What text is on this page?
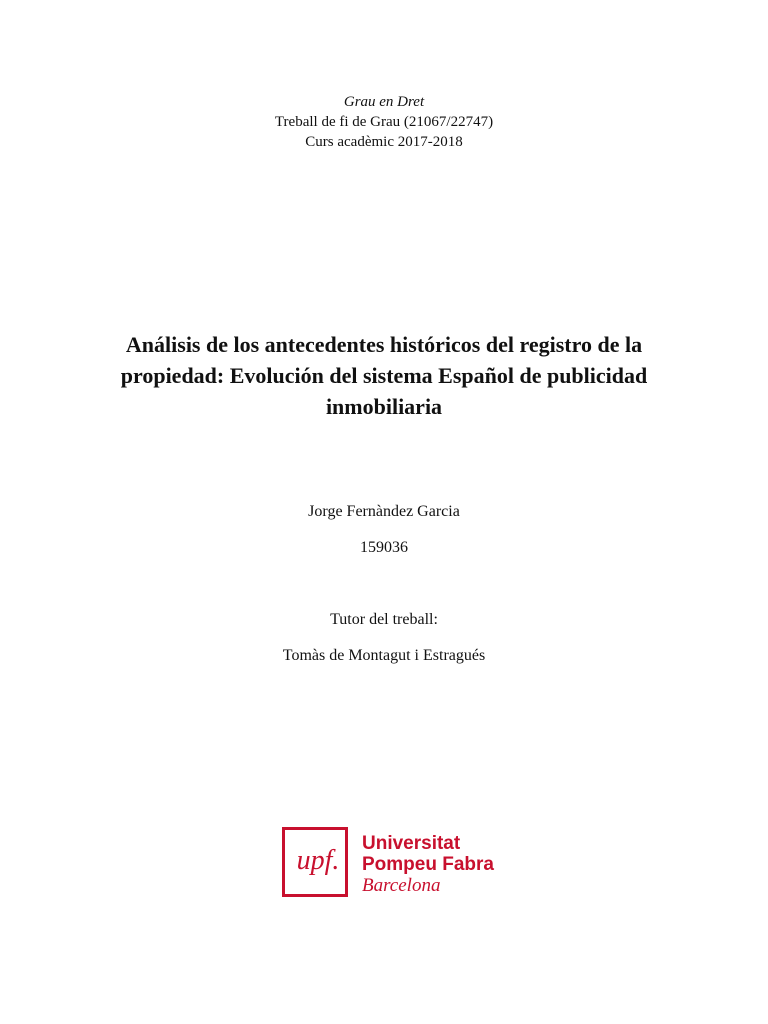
Grau en Dret
Treball de fi de Grau (21067/22747)
Curs acadèmic 2017-2018
Análisis de los antecedentes históricos del registro de la
propiedad: Evolución del sistema Español de publicidad
inmobiliaria
Jorge Fernàndez Garcia
159036
Tutor del treball:
Tomàs de Montagut i Estragués
upf.
Universitat
Pompeu Fabra
Barcelona
